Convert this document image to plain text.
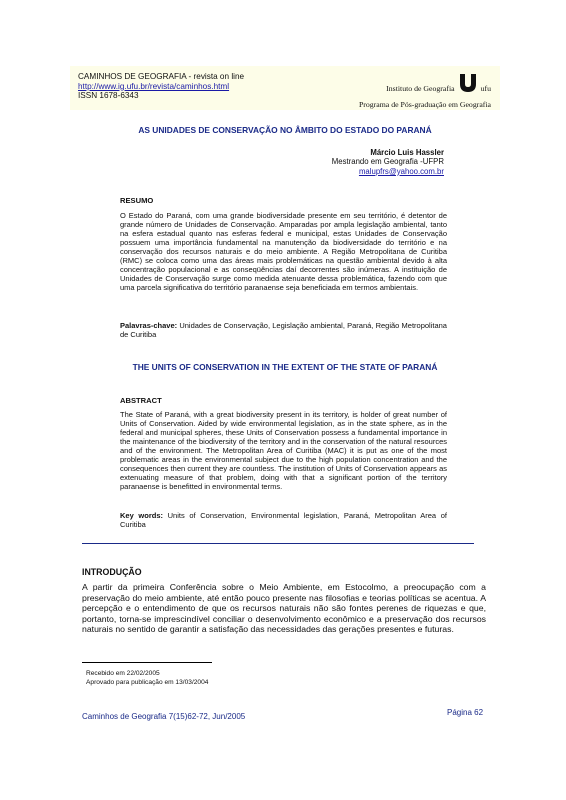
CAMINHOS DE GEOGRAFIA - revista on line
http://www.ig.ufu.br/revista/caminhos.html
ISSN 1678-6343
Instituto de Geografia	ufu
Programa de Pós-graduação em Geografia
AS UNIDADES DE CONSERVAÇÃO NO ÂMBITO DO ESTADO DO PARANÁ
Márcio Luis Hassler
Mestrando em Geografia -UFPR
malupfrs@yahoo.com.br
RESUMO
O Estado do Paraná, com uma grande biodiversidade presente em seu território, é detentor de grande número de Unidades de Conservação. Amparadas por ampla legislação ambiental, tanto na esfera estadual quanto nas esferas federal e municipal, estas Unidades de Conservação possuem uma importância fundamental na manutenção da biodiversidade do território e na conservação dos recursos naturais e do meio ambiente. A Região Metropolitana de Curitiba (RMC) se coloca como uma das áreas mais problemáticas na questão ambiental devido à alta concentração populacional e as conseqüências daí decorrentes são inúmeras. A instituição de Unidades de Conservação surge como medida atenuante dessa problemática, fazendo com que uma parcela significativa do território paranaense seja beneficiada em termos ambientais.
Palavras-chave: Unidades de Conservação, Legislação ambiental, Paraná, Região Metropolitana de Curitiba
THE UNITS OF CONSERVATION IN THE EXTENT OF THE STATE OF PARANÁ
ABSTRACT
The State of Paraná, with a great biodiversity present in its territory, is holder of great number of Units of Conservation. Aided by wide environmental legislation, as in the state sphere, as in the federal and municipal spheres, these Units of Conservation possess a fundamental importance in the maintenance of the biodiversity of the territory and in the conservation of the natural resources and of the environment. The Metropolitan Area of Curitiba (MAC) it is put as one of the most problematic areas in the environmental subject due to the high population concentration and the consequences then current they are countless. The institution of Units of Conservation appears as extenuating measure of that problem, doing with that a significant portion of the territory paranaense is benefitted in environmental terms.
Key words: Units of Conservation, Environmental legislation, Paraná, Metropolitan Area of Curitiba
INTRODUÇÃO
A partir da primeira Conferência sobre o Meio Ambiente, em Estocolmo, a preocupação com a preservação do meio ambiente, até então pouco presente nas filosofias e teorias políticas se acentua. A percepção e o entendimento de que os recursos naturais não são fontes perenes de riquezas e que, portanto, torna-se imprescindível conciliar o desenvolvimento econômico e a preservação dos recursos naturais no sentido de garantir a satisfação das necessidades das gerações presentes e futuras.
Recebido em 22/02/2005
Aprovado para publicação em 13/03/2004
Caminhos de Geografia 7(15)62-72, Jun/2005	Página 62
